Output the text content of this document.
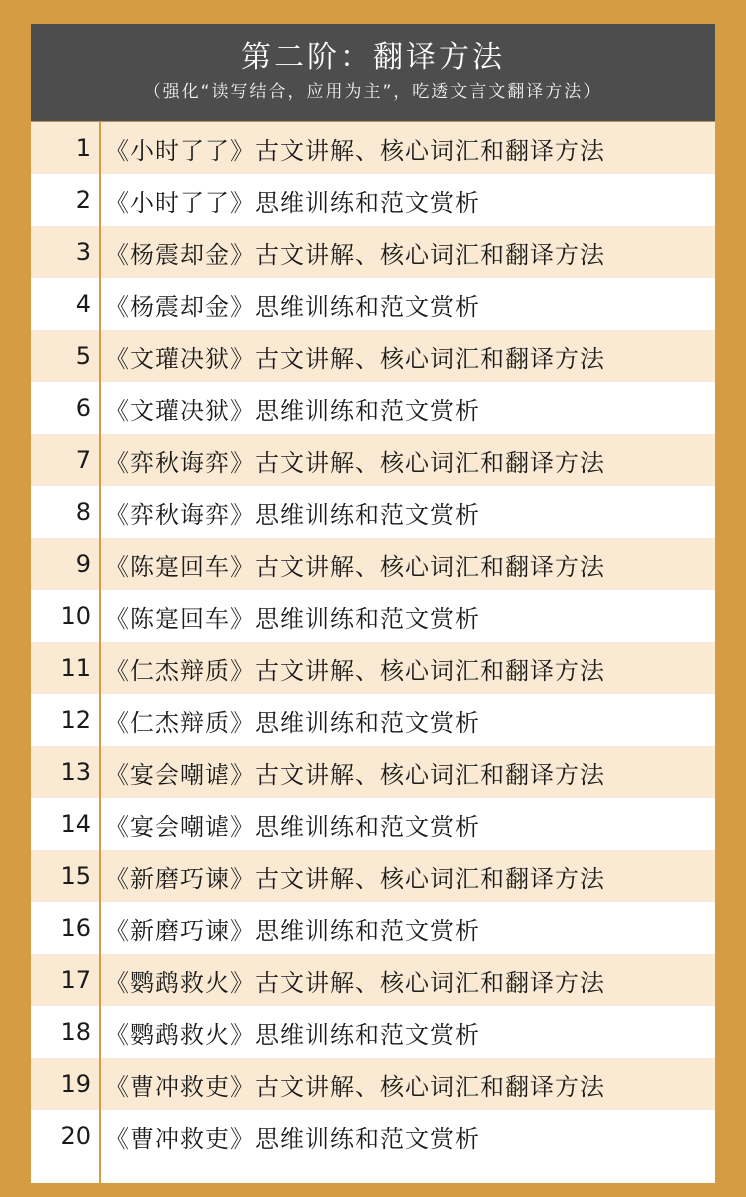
第二阶：翻译方法
（强化“读写结合，应用为主”，吃透文言文翻译方法）
1 《小时了了》古文讲解、核心词汇和翻译方法
2 《小时了了》思维训练和范文赏析
3 《杨震却金》古文讲解、核心词汇和翻译方法
4 《杨震却金》思维训练和范文赏析
5 《文瓘决狱》古文讲解、核心词汇和翻译方法
6 《文瓘决狱》思维训练和范文赏析
7 《弈秋诲弈》古文讲解、核心词汇和翻译方法
8 《弈秋诲弈》思维训练和范文赏析
9 《陈寔回车》古文讲解、核心词汇和翻译方法
10 《陈寔回车》思维训练和范文赏析
11 《仁杰辩质》古文讲解、核心词汇和翻译方法
12 《仁杰辩质》思维训练和范文赏析
13 《宴会嘲谑》古文讲解、核心词汇和翻译方法
14 《宴会嘲谑》思维训练和范文赏析
15 《新磨巧谏》古文讲解、核心词汇和翻译方法
16 《新磨巧谏》思维训练和范文赏析
17 《鹦鹉救火》古文讲解、核心词汇和翻译方法
18 《鹦鹉救火》思维训练和范文赏析
19 《曹冲救吏》古文讲解、核心词汇和翻译方法
20 《曹冲救吏》思维训练和范文赏析
